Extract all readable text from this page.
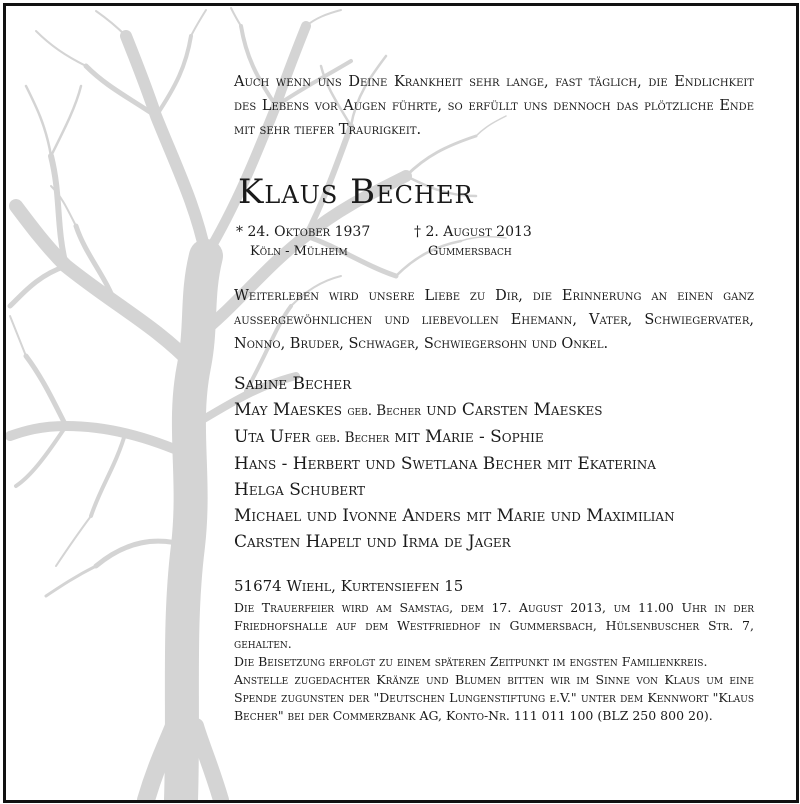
Auch wenn uns Deine Krankheit sehr lange, fast täglich, die Endlichkeit des Lebens vor Augen führte, so erfüllt uns dennoch das plötzliche Ende mit sehr tiefer Traurigkeit.

Klaus Becher
* 24. Oktober 1937
Köln - Mülheim
† 2. August 2013
Gummersbach

Weiterleben wird unsere Liebe zu Dir, die Erinnerung an einen ganz aussergewöhnlichen und liebevollen Ehemann, Vater, Schwiegervater, Nonno, Bruder, Schwager, Schwiegersohn und Onkel.

Sabine Becher
May Maeskes geb. Becher und Carsten Maeskes
Uta Ufer geb. Becher mit Marie - Sophie
Hans - Herbert und Swetlana Becher mit Ekaterina
Helga Schubert
Michael und Ivonne Anders mit Marie und Maximilian
Carsten Hapelt und Irma de Jager
51674 Wiehl, Kurtensiefen 15

Die Trauerfeier wird am Samstag, dem 17. August 2013, um 11.00 Uhr in der Friedhofshalle auf dem Westfriedhof in Gummersbach, Hülsenbuscher Str. 7, gehalten.

Die Beisetzung erfolgt zu einem späteren Zeitpunkt im engsten Familienkreis.

Anstelle zugedachter Kränze und Blumen bitten wir im Sinne von Klaus um eine Spende zugunsten der "Deutschen Lungenstiftung e.V." unter dem Kennwort "Klaus Becher" bei der Commerzbank AG, Konto-Nr. 111 011 100 (BLZ 250 800 20).
